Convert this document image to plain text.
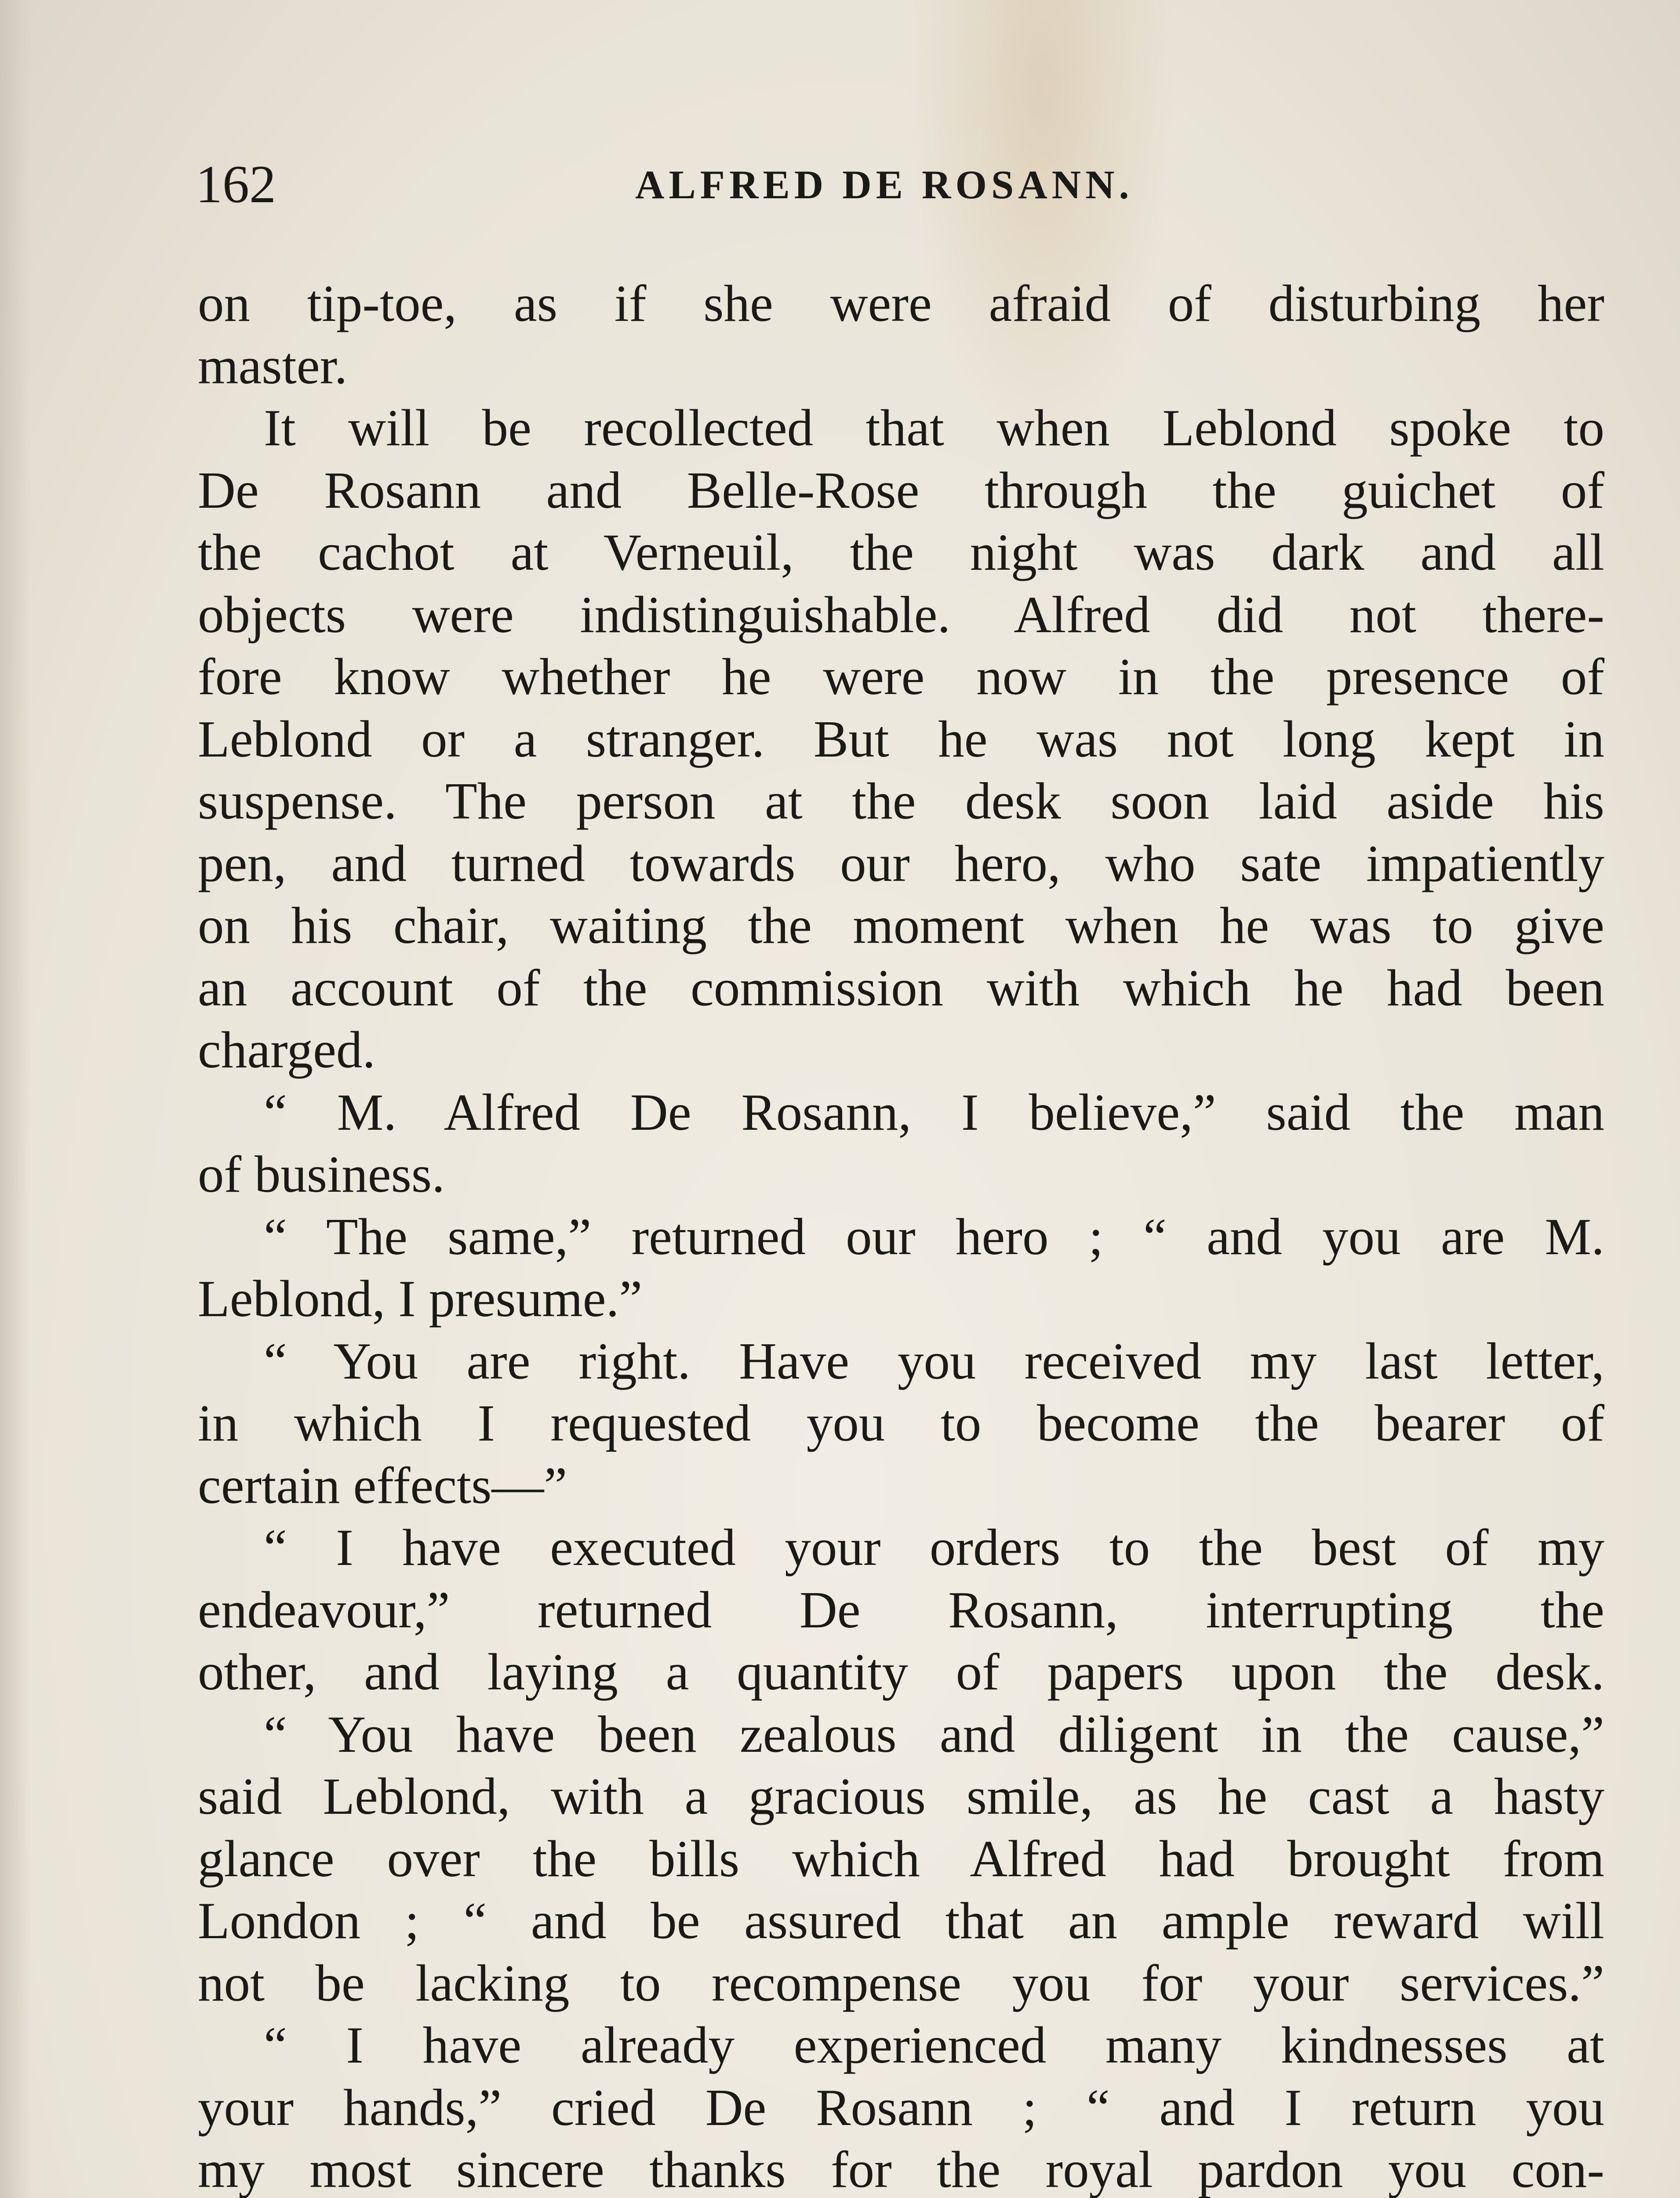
162	ALFRED DE ROSANN.
on tip-toe, as if she were afraid of disturbing her
master.
It will be recollected that when Leblond spoke to
De Rosann and Belle-Rose through the guichet of
the cachot at Verneuil, the night was dark and all
objects were indistinguishable. Alfred did not there-
fore know whether he were now in the presence of
Leblond or a stranger. But he was not long kept in
suspense. The person at the desk soon laid aside his
pen, and turned towards our hero, who sate impatiently
on his chair, waiting the moment when he was to give
an account of the commission with which he had been
charged.
“ M. Alfred De Rosann, I believe,” said the man
of business.
“ The same,” returned our hero ; “ and you are M.
Leblond, I presume.”
“ You are right. Have you received my last letter,
in which I requested you to become the bearer of
certain effects—”
“ I have executed your orders to the best of my
endeavour,” returned De Rosann, interrupting the
other, and laying a quantity of papers upon the desk.
“ You have been zealous and diligent in the cause,”
said Leblond, with a gracious smile, as he cast a hasty
glance over the bills which Alfred had brought from
London ; “ and be assured that an ample reward will
not be lacking to recompense you for your services.”
“ I have already experienced many kindnesses at
your hands,” cried De Rosann ; “ and I return you
my most sincere thanks for the royal pardon you con-
